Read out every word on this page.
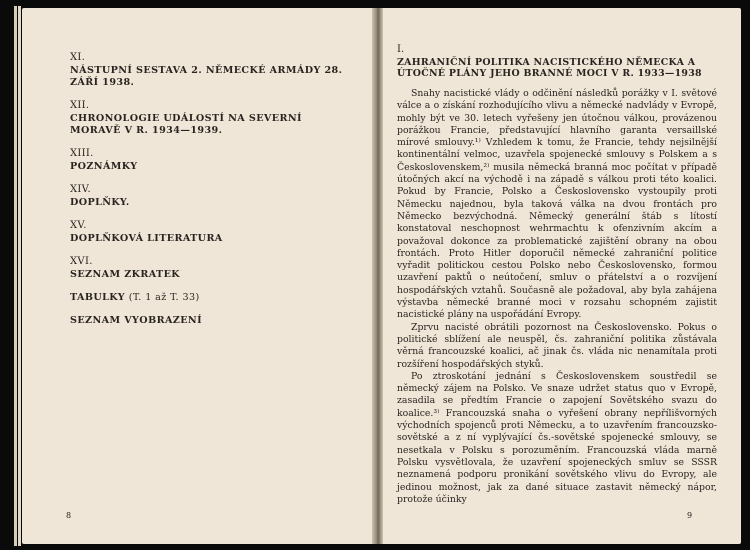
XI.
NÁSTUPNÍ SESTAVA 2. NĚMECKÉ ARMÁDY 28. ZÁŘÍ 1938.
XII.
CHRONOLOGIE UDÁLOSTÍ NA SEVERNÍ MORAVĚ V R. 1934—1939.
XIII.
POZNÁMKY
XIV.
DOPLŇKY.
XV.
DOPLŇKOVÁ LITERATURA
XVI.
SEZNAM ZKRATEK
TABULKY (T. 1 až T. 33)
SEZNAM VYOBRAZENÍ
8
I.
ZAHRANIČNÍ POLITIKA NACISTICKÉHO NĚMECKA A ÚTOČNÉ PLÁNY JEHO BRANNÉ MOCI V R. 1933—1938

Snahy nacistické vlády o odčinění následků porážky v I. světové válce a o získání rozhodujícího vlivu a německé nadvlády v Evropě, mohly být ve 30. letech vyřešeny jen útočnou válkou, provázenou porážkou Francie, představující hlavního garanta versaillské mírové smlouvy.¹⁾ Vzhledem k tomu, že Francie, tehdy nejsilnější kontinentální velmoc, uzavřela spojenecké smlouvy s Polskem a s Československem,²⁾ musila německá branná moc počítat v případě útočných akcí na východě i na západě s válkou proti této koalici. Pokud by Francie, Polsko a Československo vystoupily proti Německu najednou, byla taková válka na dvou frontách pro Německo bezvýchodná. Německý generální štáb s lítostí konstatoval neschopnost wehrmachtu k ofenzivním akcím a považoval dokonce za problematické zajištění obrany na obou frontách. Proto Hitler doporučil německé zahraniční politice vyřadit politickou cestou Polsko nebo Československo, formou uzavření paktů o neútočení, smluv o přátelství a o rozvíjení hospodářských vztahů. Současně ale požadoval, aby byla zahájena výstavba německé branné moci v rozsahu schopném zajistit nacistické plány na uspořádání Evropy.

Zprvu nacisté obrátili pozornost na Československo. Pokus o politické sblížení ale neuspěl, čs. zahraniční politika zůstávala věrná francouzské koalici, ač jinak čs. vláda nic nenamítala proti rozšíření hospodářských styků.

Po ztroskotání jednání s Československem soustředil se německý zájem na Polsko. Ve snaze udržet status quo v Evropě, zasadila se předtím Francie o zapojení Sovětského svazu do koalice.³⁾ Francouzská snaha o vyřešení obrany nepřílišvorných východních spojenců proti Německu, a to uzavřením francouzsko-sovětské a z ní vyplývající čs.-sovětské spojenecké smlouvy, se nesetkala v Polsku s porozuměním. Francouzská vláda marně Polsku vysvětlovala, že uzavření spojeneckých smluv se SSSR neznamená podporu pronikání sovětského vlivu do Evropy, ale jedinou možnost, jak za dané situace zastavit německý nápor, protože účinky

9
